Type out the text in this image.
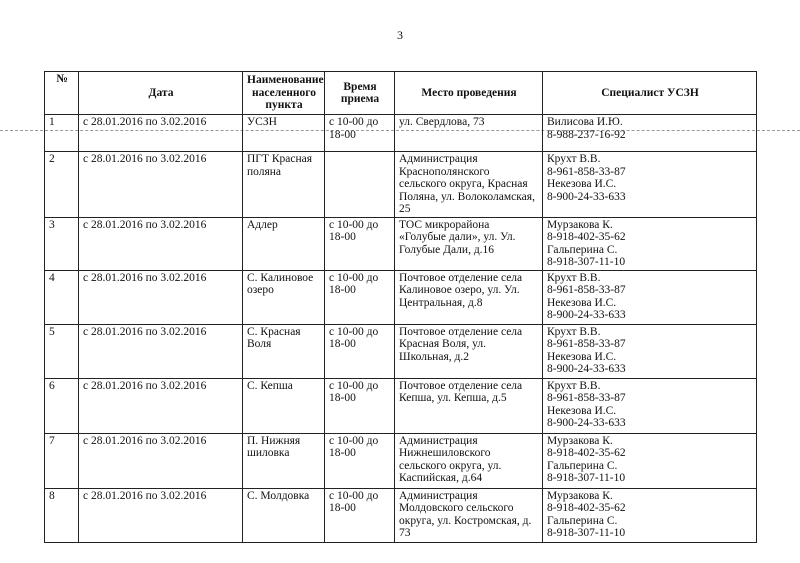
3
№	Дата	Наименование населенного пункта	Время приема	Место проведения	Специалист УСЗН
1	с 28.01.2016 по 3.02.2016	УСЗН	с 10-00 до 18-00	ул. Свердлова, 73	Вилисова И.Ю.
8-988-237-16-92

2	с 28.01.2016 по 3.02.2016	ПГТ Красная поляна		Администрация Краснополянского сельского округа, Красная Поляна, ул. Волоколамская, 25	Крухт В.В.
8-961-858-33-87
Некезова И.С.
8-900-24-33-633

3	с 28.01.2016 по 3.02.2016	Адлер	с 10-00 до 18-00	ТОС микрорайона «Голубые дали», ул. Ул. Голубые Дали, д.16	Мурзакова К.
8-918-402-35-62
Гальперина С.
8-918-307-11-10

4	с 28.01.2016 по 3.02.2016	С. Калиновое озеро	с 10-00 до 18-00	Почтовое отделение села Калиновое озеро, ул. Ул. Центральная, д.8	Крухт В.В.
8-961-858-33-87
Некезова И.С.
8-900-24-33-633

5	с 28.01.2016 по 3.02.2016	С. Красная Воля	с 10-00 до 18-00	Почтовое отделение села Красная Воля, ул. Школьная, д.2	Крухт В.В.
8-961-858-33-87
Некезова И.С.
8-900-24-33-633

6	с 28.01.2016 по 3.02.2016	С. Кепша	с 10-00 до 18-00	Почтовое отделение села Кепша, ул. Кепша, д.5	Крухт В.В.
8-961-858-33-87
Некезова И.С.
8-900-24-33-633

7	с 28.01.2016 по 3.02.2016	П. Нижняя шиловка	с 10-00 до 18-00	Администрация Нижнешиловского сельского округа, ул. Каспийская, д.64	Мурзакова К.
8-918-402-35-62
Гальперина С.
8-918-307-11-10

8	с 28.01.2016 по 3.02.2016	С. Молдовка	с 10-00 до 18-00	Администрация Молдовского сельского округа, ул. Костромская, д. 73	Мурзакова К.
8-918-402-35-62
Гальперина С.
8-918-307-11-10
